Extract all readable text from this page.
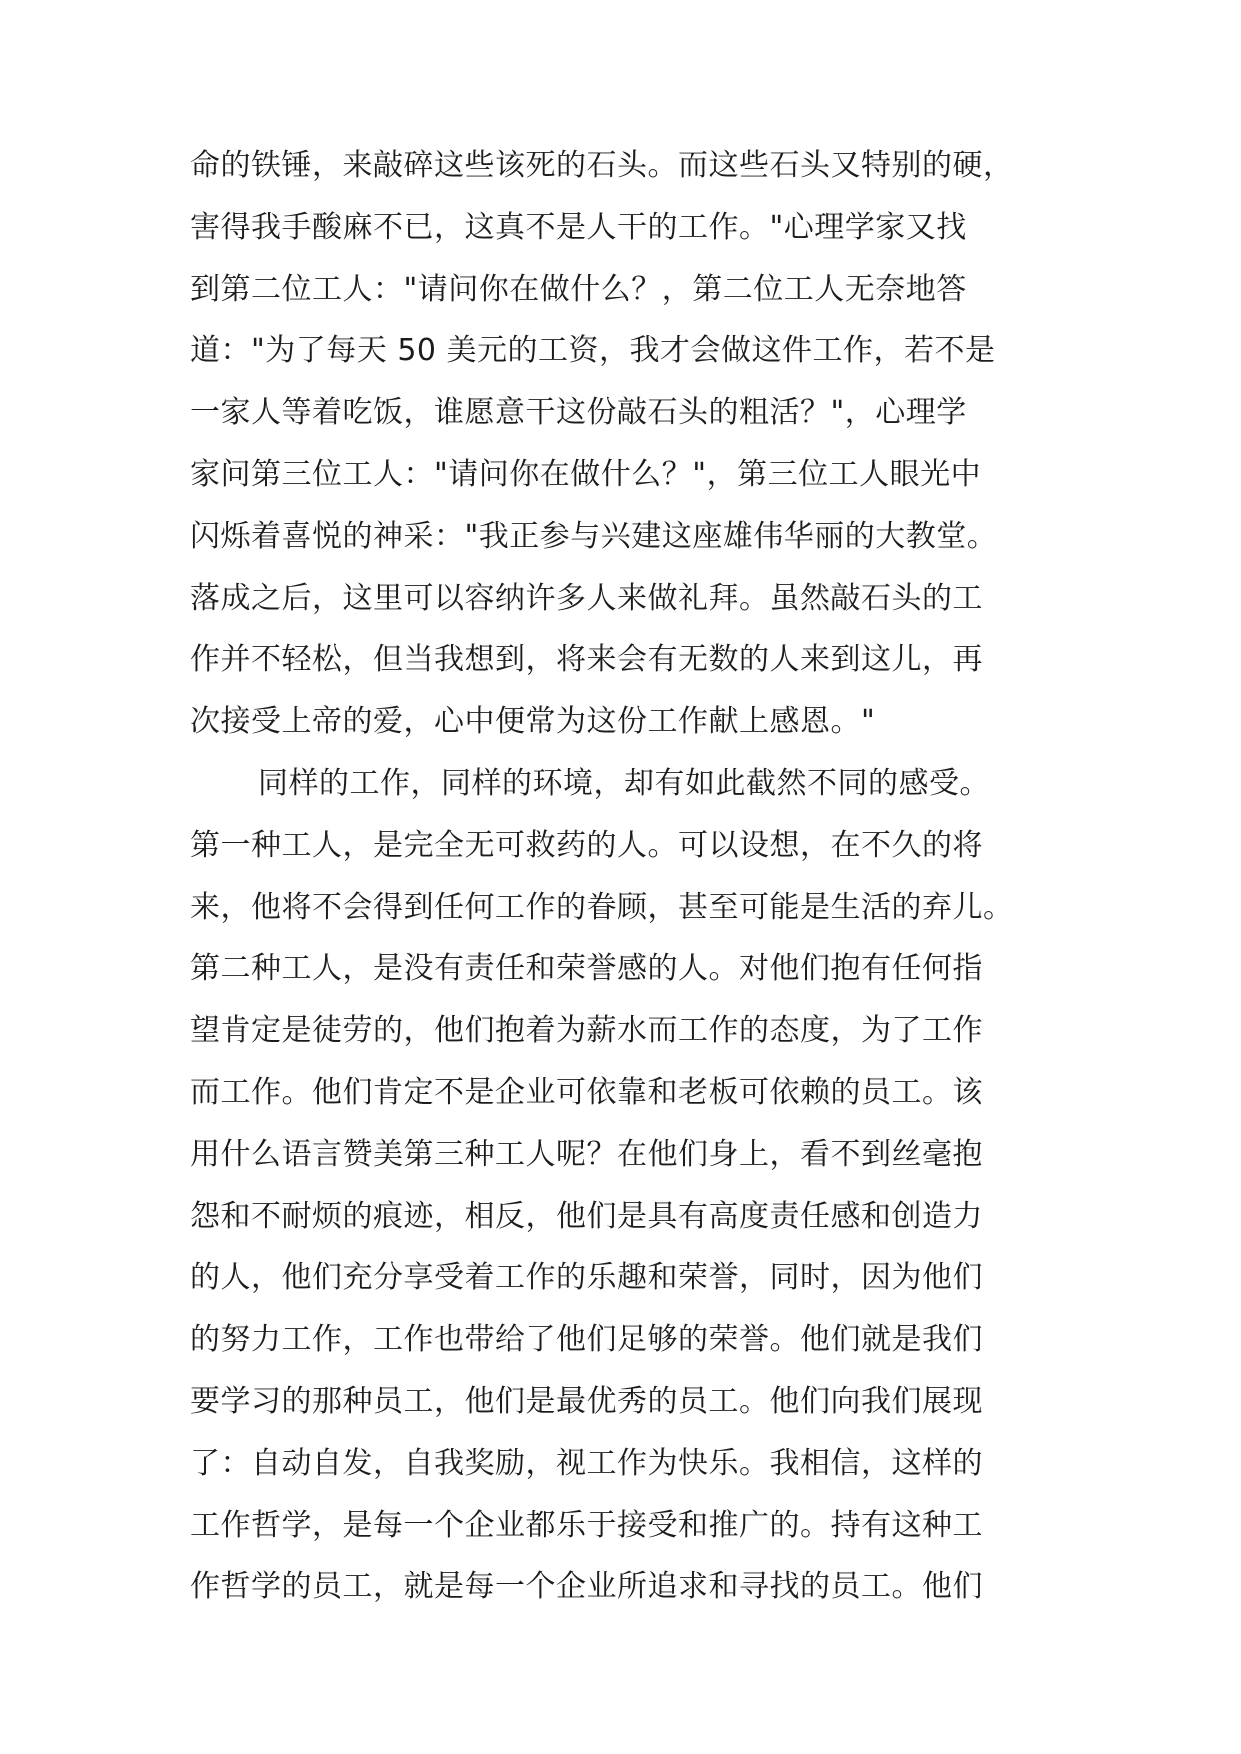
命的铁锤，来敲碎这些该死的石头。而这些石头又特别的硬，
害得我手酸麻不已，这真不是人干的工作。"心理学家又找
到第二位工人："请问你在做什么？，第二位工人无奈地答
道："为了每天 50 美元的工资，我才会做这件工作，若不是
一家人等着吃饭，谁愿意干这份敲石头的粗活？"，心理学
家问第三位工人："请问你在做什么？"，第三位工人眼光中
闪烁着喜悦的神采："我正参与兴建这座雄伟华丽的大教堂。
落成之后，这里可以容纳许多人来做礼拜。虽然敲石头的工
作并不轻松，但当我想到，将来会有无数的人来到这儿，再
次接受上帝的爱，心中便常为这份工作献上感恩。"
同样的工作，同样的环境，却有如此截然不同的感受。
第一种工人，是完全无可救药的人。可以设想，在不久的将
来，他将不会得到任何工作的眷顾，甚至可能是生活的弃儿。
第二种工人，是没有责任和荣誉感的人。对他们抱有任何指
望肯定是徒劳的，他们抱着为薪水而工作的态度，为了工作
而工作。他们肯定不是企业可依靠和老板可依赖的员工。该
用什么语言赞美第三种工人呢？在他们身上，看不到丝毫抱
怨和不耐烦的痕迹，相反，他们是具有高度责任感和创造力
的人，他们充分享受着工作的乐趣和荣誉，同时，因为他们
的努力工作，工作也带给了他们足够的荣誉。他们就是我们
要学习的那种员工，他们是最优秀的员工。他们向我们展现
了：自动自发，自我奖励，视工作为快乐。我相信，这样的
工作哲学，是每一个企业都乐于接受和推广的。持有这种工
作哲学的员工，就是每一个企业所追求和寻找的员工。他们
